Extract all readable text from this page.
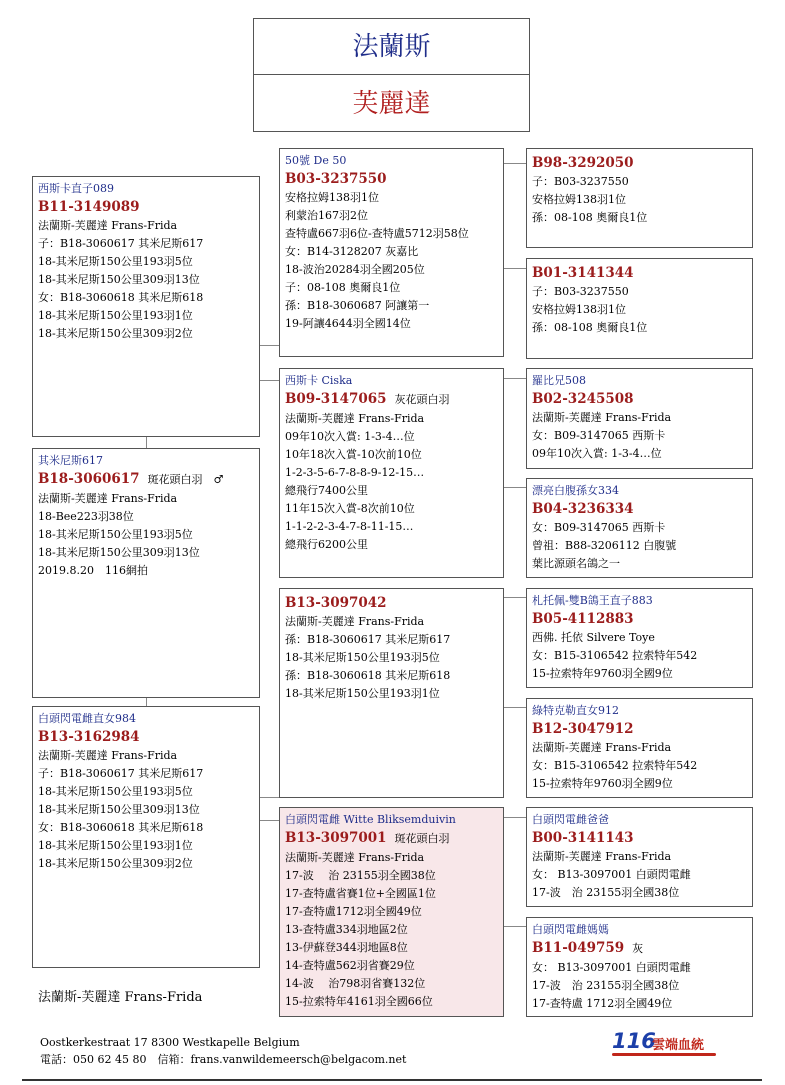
法蘭斯
芙麗達
西斯卡直子089
B11-3149089
法蘭斯-芙麗達 Frans-Frida
子：B18-3060617 其米尼斯617
18-其米尼斯150公里193羽5位
18-其米尼斯150公里309羽13位
女：B18-3060618 其米尼斯618
18-其米尼斯150公里193羽1位
18-其米尼斯150公里309羽2位
其米尼斯617
B18-3060617 斑花頭白羽　♂
法蘭斯-芙麗達 Frans-Frida
18-Bee223羽38位
18-其米尼斯150公里193羽5位
18-其米尼斯150公里309羽13位
2019.8.20　116網拍
白頭閃電雌直女984
B13-3162984
法蘭斯-芙麗達 Frans-Frida
子：B18-3060617 其米尼斯617
18-其米尼斯150公里193羽5位
18-其米尼斯150公里309羽13位
女：B18-3060618 其米尼斯618
18-其米尼斯150公里193羽1位
18-其米尼斯150公里309羽2位
50號 De 50
B03-3237550
安格拉姆138羽1位
利蒙治167羽2位
查特盧667羽6位-查特盧5712羽58位
女：B14-3128207 灰嘉比
18-波治20284羽全國205位
子：08-108 奧爾良1位
孫：B18-3060687 阿讓第一
19-阿讓4644羽全國14位
西斯卡 Ciska
B09-3147065 灰花頭白羽
法蘭斯-芙麗達 Frans-Frida
09年10次入賞: 1-3-4…位
10年18次入賞-10次前10位
1-2-3-5-6-7-8-8-9-12-15…
總飛行7400公里
11年15次入賞-8次前10位
1-1-2-2-3-4-7-8-11-15…
總飛行6200公里
B13-3097042
法蘭斯-芙麗達 Frans-Frida
孫：B18-3060617 其米尼斯617
18-其米尼斯150公里193羽5位
孫：B18-3060618 其米尼斯618
18-其米尼斯150公里193羽1位
白頭閃電雌 Witte Bliksemduivin
B13-3097001 斑花頭白羽
法蘭斯-芙麗達 Frans-Frida
17-波　 治 23155羽全國38位
17-查特盧省賽1位+全國區1位
17-查特盧1712羽全國49位
13-查特盧334羽地區2位
13-伊蘇登344羽地區8位
14-查特盧562羽省賽29位
14-波　 治798羽省賽132位
15-拉索特年4161羽全國66位
B98-3292050
子：B03-3237550
安格拉姆138羽1位
孫：08-108 奧爾良1位
B01-3141344
子：B03-3237550
安格拉姆138羽1位
孫：08-108 奧爾良1位
羅比兄508
B02-3245508
法蘭斯-芙麗達 Frans-Frida
女：B09-3147065 西斯卡
09年10次入賞: 1-3-4…位
漂亮白腹孫女334
B04-3236334
女：B09-3147065 西斯卡
曾祖：B88-3206112 白腹號
葉比源頭名鴿之一
札托佩-雙B鴿王直子883
B05-4112883
西佛. 托依 Silvere Toye
女：B15-3106542 拉索特年542
15-拉索特年9760羽全國9位
綠特克勒直女912
B12-3047912
法蘭斯-芙麗達 Frans-Frida
女：B15-3106542 拉索特年542
15-拉索特年9760羽全國9位
白頭閃電雌爸爸
B00-3141143
法蘭斯-芙麗達 Frans-Frida
女： B13-3097001 白頭閃電雌
17-波　治 23155羽全國38位
白頭閃電雌媽媽
B11-049759 灰
女： B13-3097001 白頭閃電雌
17-波　治 23155羽全國38位
17-查特盧 1712羽全國49位
法蘭斯-芙麗達 Frans-Frida
Oostkerkestraat 17 8300 Westkapelle Belgium
電話：050 62 45 80　信箱：frans.vanwildemeersch@belgacom.net
116
雲端血統
